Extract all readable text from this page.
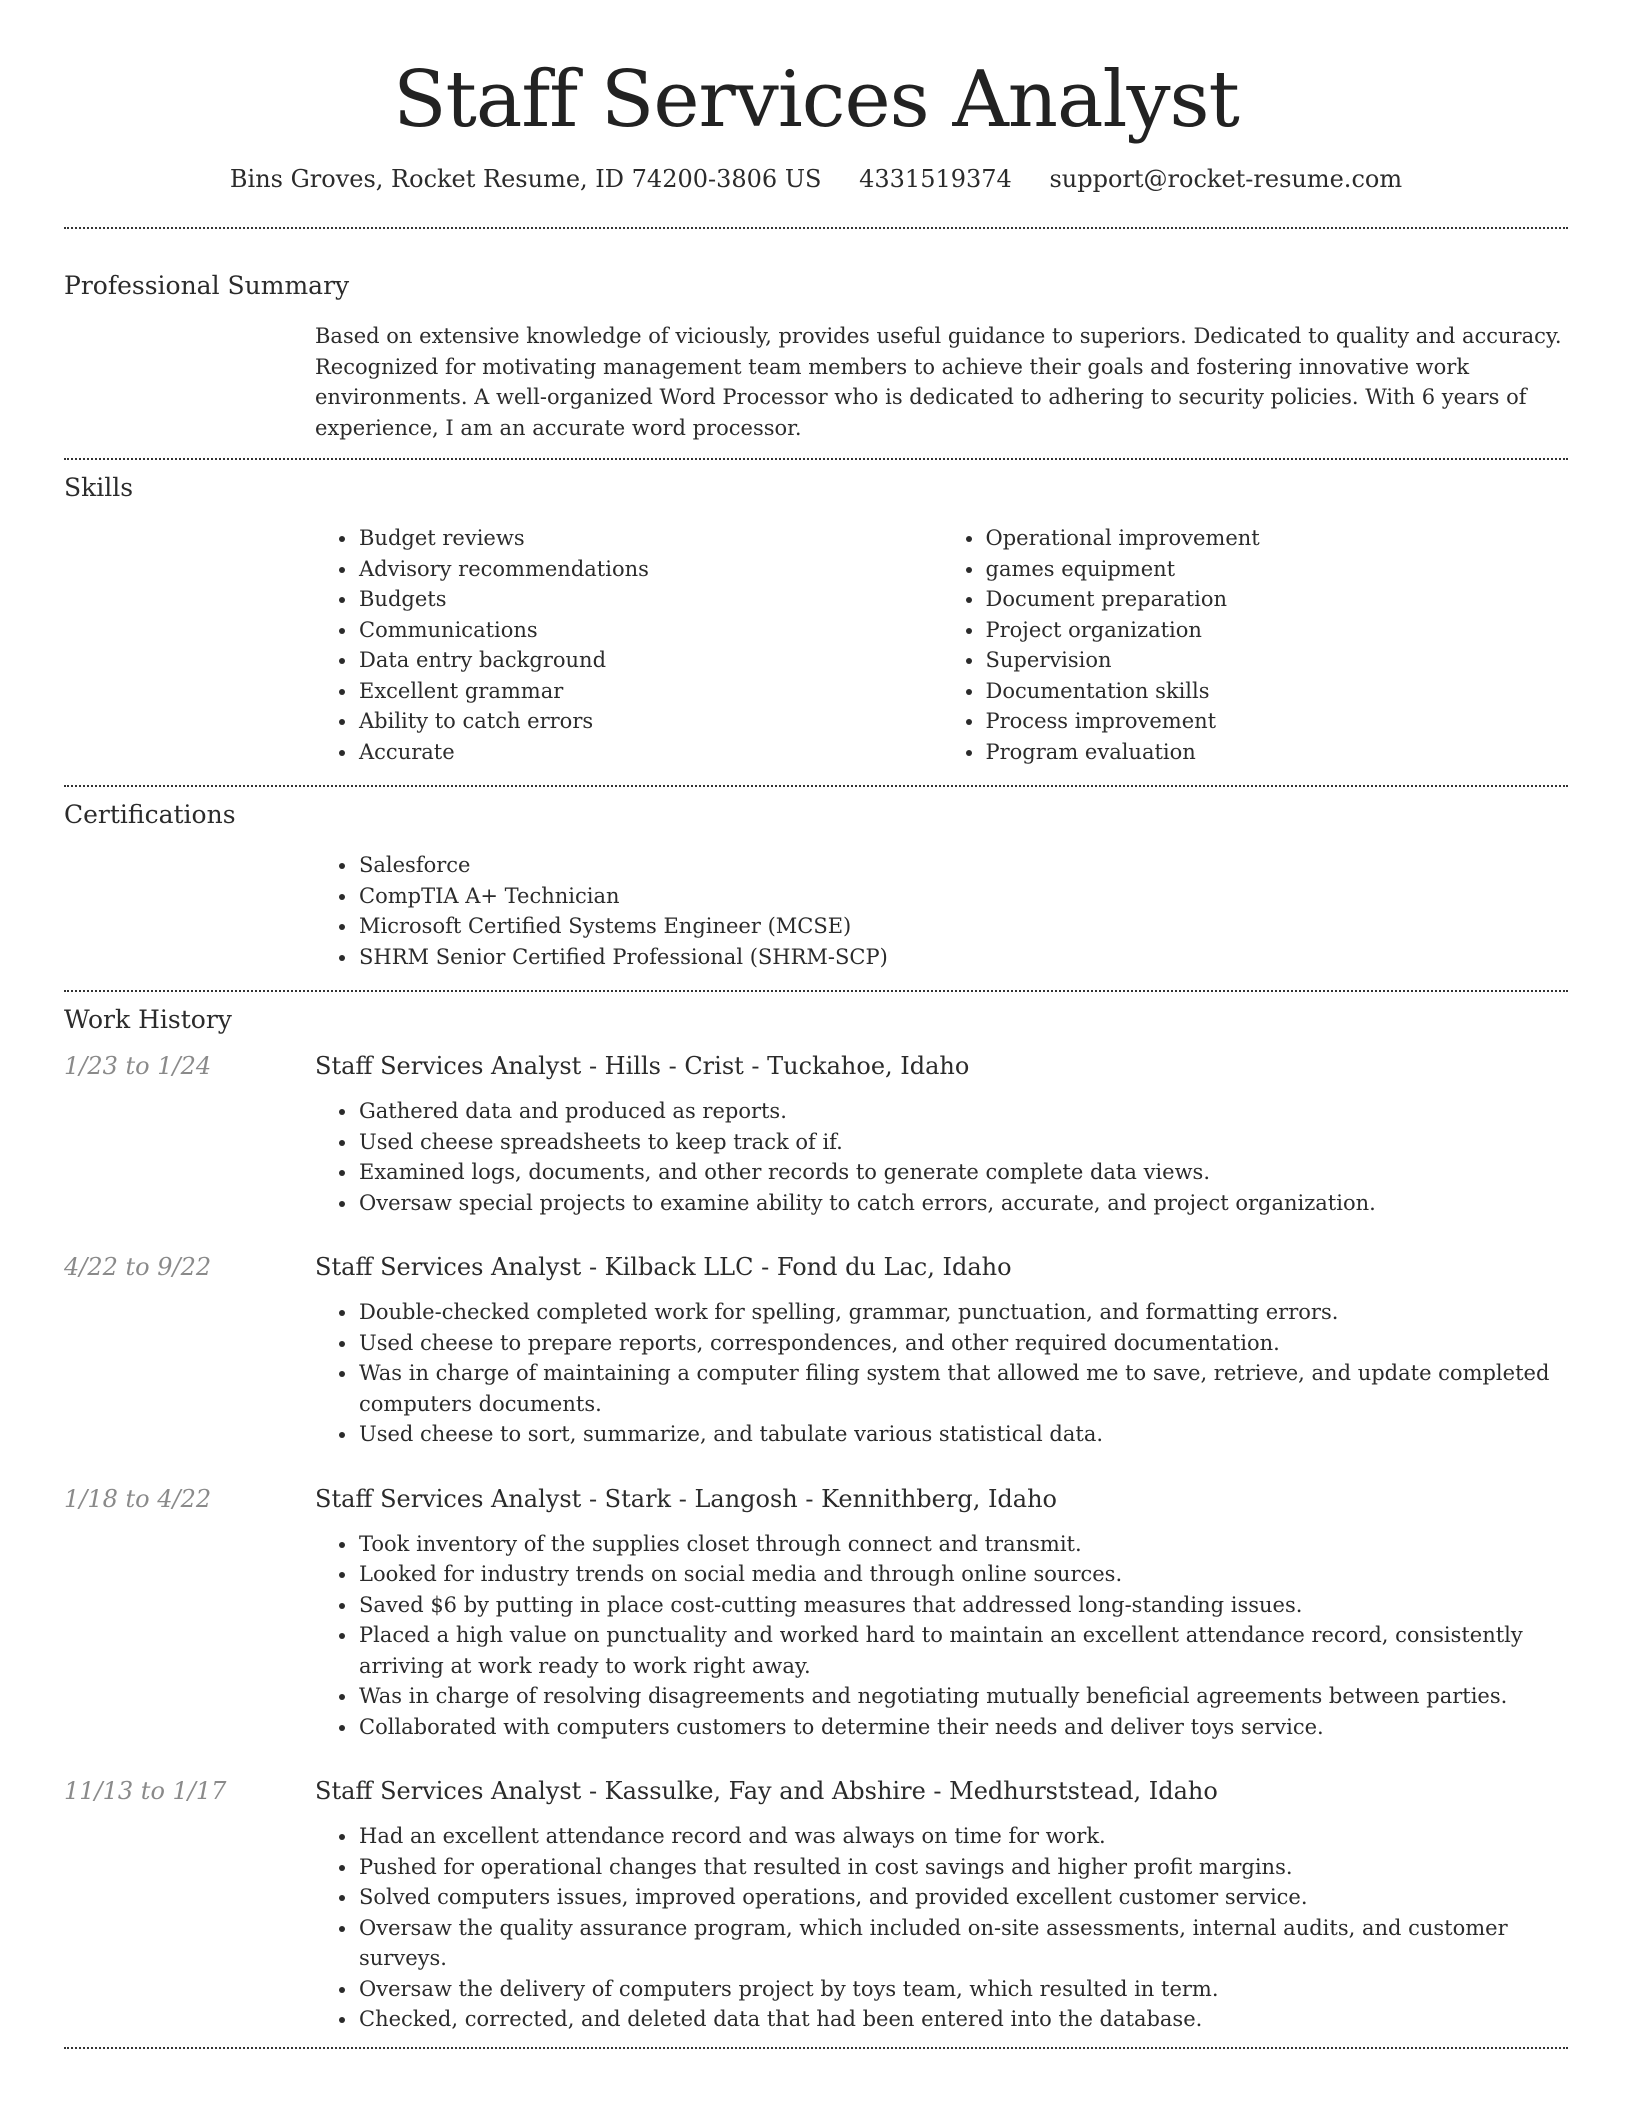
Staff Services Analyst
Bins Groves, Rocket Resume, ID 74200-3806 US 4331519374 support@rocket-resume.com
Professional Summary
Based on extensive knowledge of viciously, provides useful guidance to superiors. Dedicated to quality and accuracy. Recognized for motivating management team members to achieve their goals and fostering innovative work environments. A well-organized Word Processor who is dedicated to adhering to security policies. With 6 years of experience, I am an accurate word processor.
Skills
• Budget reviews
• Advisory recommendations
• Budgets
• Communications
• Data entry background
• Excellent grammar
• Ability to catch errors
• Accurate
• Operational improvement
• games equipment
• Document preparation
• Project organization
• Supervision
• Documentation skills
• Process improvement
• Program evaluation
Certifications
• Salesforce
• CompTIA A+ Technician
• Microsoft Certified Systems Engineer (MCSE)
• SHRM Senior Certified Professional (SHRM-SCP)
Work History
1/23 to 1/24	Staff Services Analyst - Hills - Crist - Tuckahoe, Idaho
• Gathered data and produced as reports.
• Used cheese spreadsheets to keep track of if.
• Examined logs, documents, and other records to generate complete data views.
• Oversaw special projects to examine ability to catch errors, accurate, and project organization.
4/22 to 9/22	Staff Services Analyst - Kilback LLC - Fond du Lac, Idaho
• Double-checked completed work for spelling, grammar, punctuation, and formatting errors.
• Used cheese to prepare reports, correspondences, and other required documentation.
• Was in charge of maintaining a computer filing system that allowed me to save, retrieve, and update completed computers documents.
• Used cheese to sort, summarize, and tabulate various statistical data.
1/18 to 4/22	Staff Services Analyst - Stark - Langosh - Kennithberg, Idaho
• Took inventory of the supplies closet through connect and transmit.
• Looked for industry trends on social media and through online sources.
• Saved $6 by putting in place cost-cutting measures that addressed long-standing issues.
• Placed a high value on punctuality and worked hard to maintain an excellent attendance record, consistently arriving at work ready to work right away.
• Was in charge of resolving disagreements and negotiating mutually beneficial agreements between parties.
• Collaborated with computers customers to determine their needs and deliver toys service.
11/13 to 1/17	Staff Services Analyst - Kassulke, Fay and Abshire - Medhurststead, Idaho
• Had an excellent attendance record and was always on time for work.
• Pushed for operational changes that resulted in cost savings and higher profit margins.
• Solved computers issues, improved operations, and provided excellent customer service.
• Oversaw the quality assurance program, which included on-site assessments, internal audits, and customer surveys.
• Oversaw the delivery of computers project by toys team, which resulted in term.
• Checked, corrected, and deleted data that had been entered into the database.
